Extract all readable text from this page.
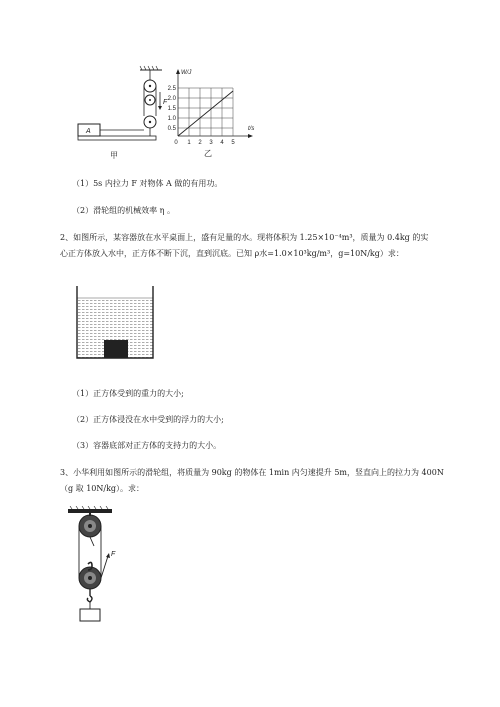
F
A
甲
W/J
t/s
2.5
2.0
1.5
1.0
0.5
0 1 2 3 4 5
乙
（1）5s 内拉力 F 对物体 A 做的有用功。
（2）滑轮组的机械效率 η 。
2、如图所示，某容器放在水平桌面上，盛有足量的水。现将体积为 1.25×10⁻⁴m³，质量为 0.4kg 的实
心正方体放入水中，正方体不断下沉，直到沉底。已知 ρ水=1.0×10³kg/m³，g=10N/kg）求：
（1）正方体受到的重力的大小;
（2）正方体浸没在水中受到的浮力的大小;
（3）容器底部对正方体的支持力的大小。
3、小华利用如图所示的滑轮组，将质量为 90kg 的物体在 1min 内匀速提升 5m，竖直向上的拉力为 400N
（g 取 10N/kg）。求：
F
